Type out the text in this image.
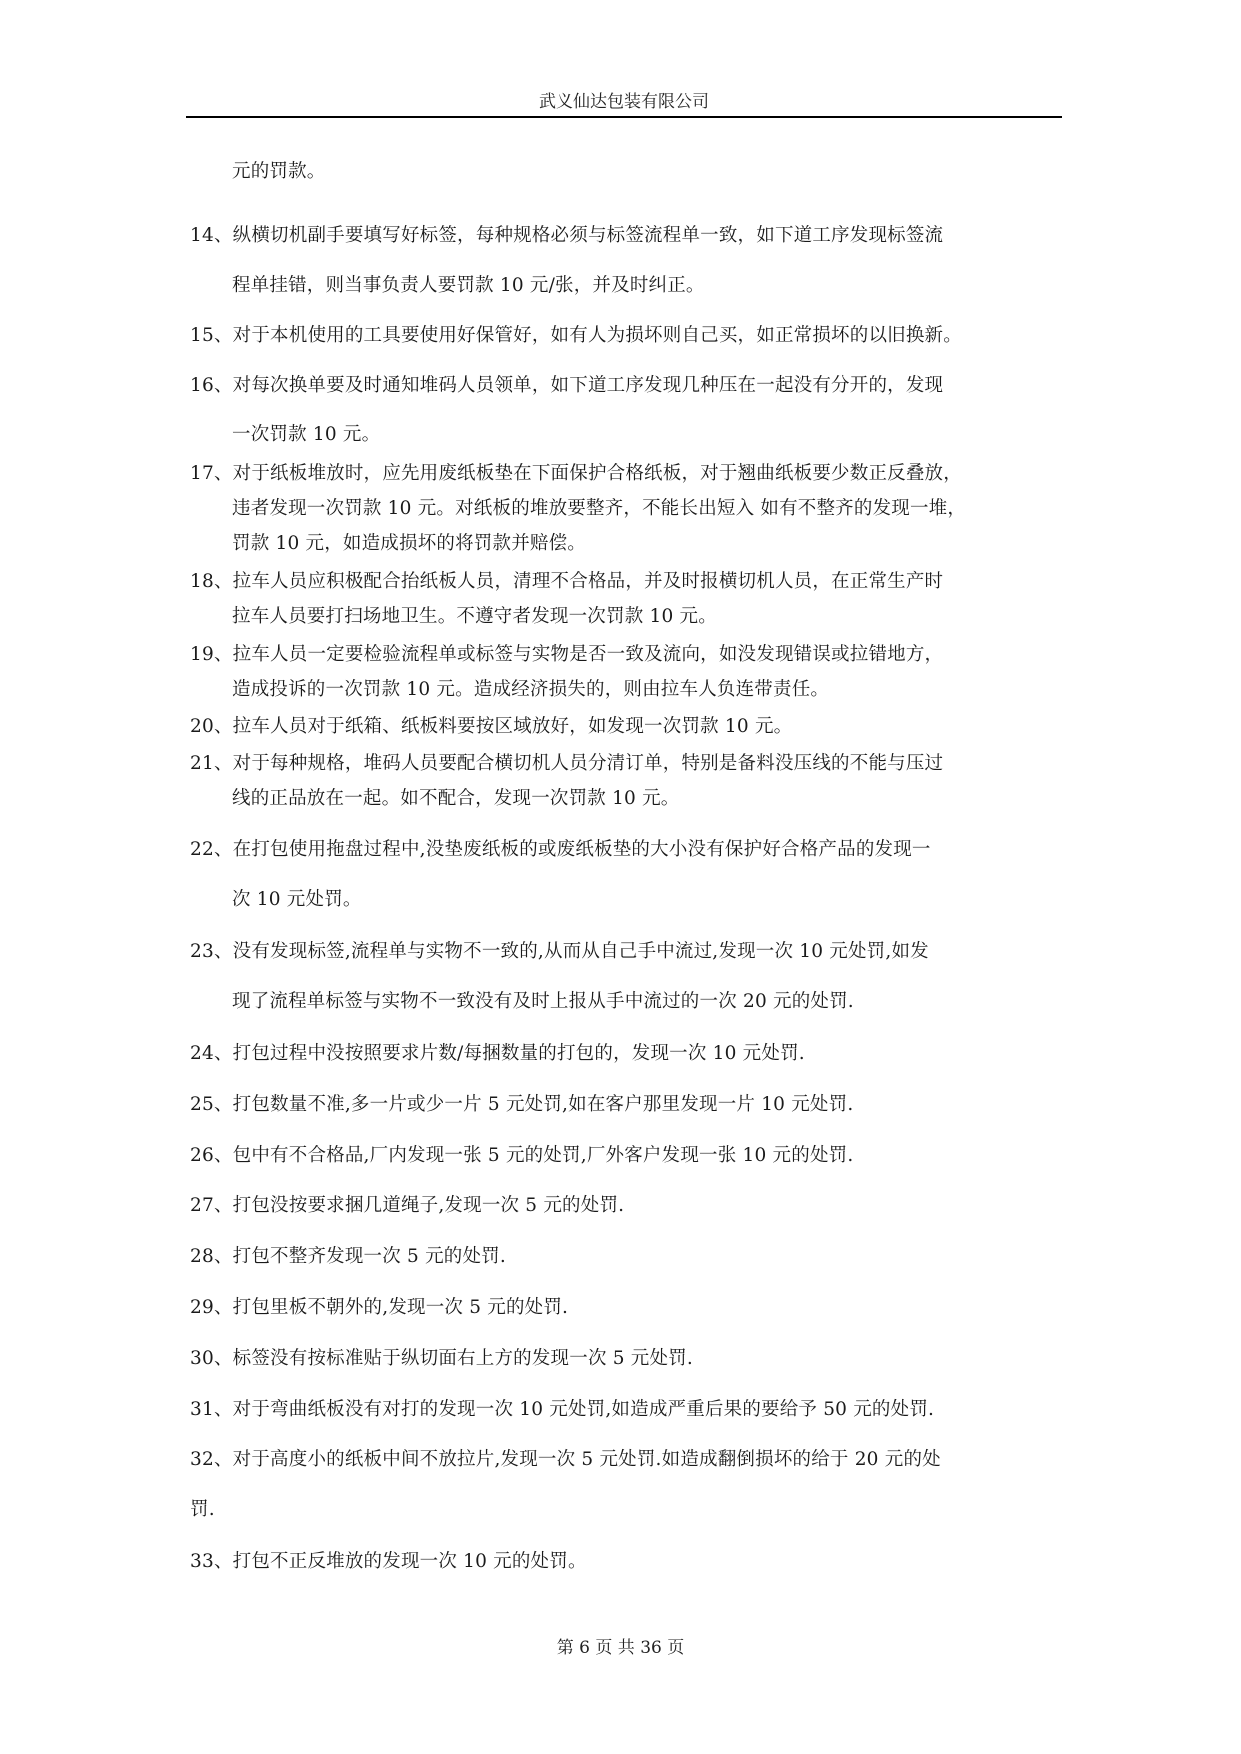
武义仙达包装有限公司
元的罚款。
14、纵横切机副手要填写好标签，每种规格必须与标签流程单一致，如下道工序发现标签流
程单挂错，则当事负责人要罚款 10 元/张，并及时纠正。
15、对于本机使用的工具要使用好保管好，如有人为损坏则自己买，如正常损坏的以旧换新。
16、对每次换单要及时通知堆码人员领单，如下道工序发现几种压在一起没有分开的，发现
一次罚款 10 元。
17、对于纸板堆放时，应先用废纸板垫在下面保护合格纸板，对于翘曲纸板要少数正反叠放，
违者发现一次罚款 10 元。对纸板的堆放要整齐，不能长出短入 如有不整齐的发现一堆，
罚款 10 元，如造成损坏的将罚款并赔偿。
18、拉车人员应积极配合抬纸板人员，清理不合格品，并及时报横切机人员，在正常生产时
拉车人员要打扫场地卫生。不遵守者发现一次罚款 10 元。
19、拉车人员一定要检验流程单或标签与实物是否一致及流向，如没发现错误或拉错地方，
造成投诉的一次罚款 10 元。造成经济损失的，则由拉车人负连带责任。
20、拉车人员对于纸箱、纸板料要按区域放好，如发现一次罚款 10 元。
21、对于每种规格，堆码人员要配合横切机人员分清订单，特别是备料没压线的不能与压过
线的正品放在一起。如不配合，发现一次罚款 10 元。
22、在打包使用拖盘过程中,没垫废纸板的或废纸板垫的大小没有保护好合格产品的发现一
次 10 元处罚。
23、没有发现标签,流程单与实物不一致的,从而从自己手中流过,发现一次 10 元处罚,如发
现了流程单标签与实物不一致没有及时上报从手中流过的一次 20 元的处罚.
24、打包过程中没按照要求片数/每捆数量的打包的，发现一次 10 元处罚.
25、打包数量不准,多一片或少一片 5 元处罚,如在客户那里发现一片 10 元处罚.
26、包中有不合格品,厂内发现一张 5 元的处罚,厂外客户发现一张 10 元的处罚.
27、打包没按要求捆几道绳子,发现一次 5 元的处罚.
28、打包不整齐发现一次 5 元的处罚.
29、打包里板不朝外的,发现一次 5 元的处罚.
30、标签没有按标准贴于纵切面右上方的发现一次 5 元处罚.
31、对于弯曲纸板没有对打的发现一次 10 元处罚,如造成严重后果的要给予 50 元的处罚.
32、对于高度小的纸板中间不放拉片,发现一次 5 元处罚.如造成翻倒损坏的给于 20 元的处
罚.
33、打包不正反堆放的发现一次 10 元的处罚。
第 6 页 共 36 页
